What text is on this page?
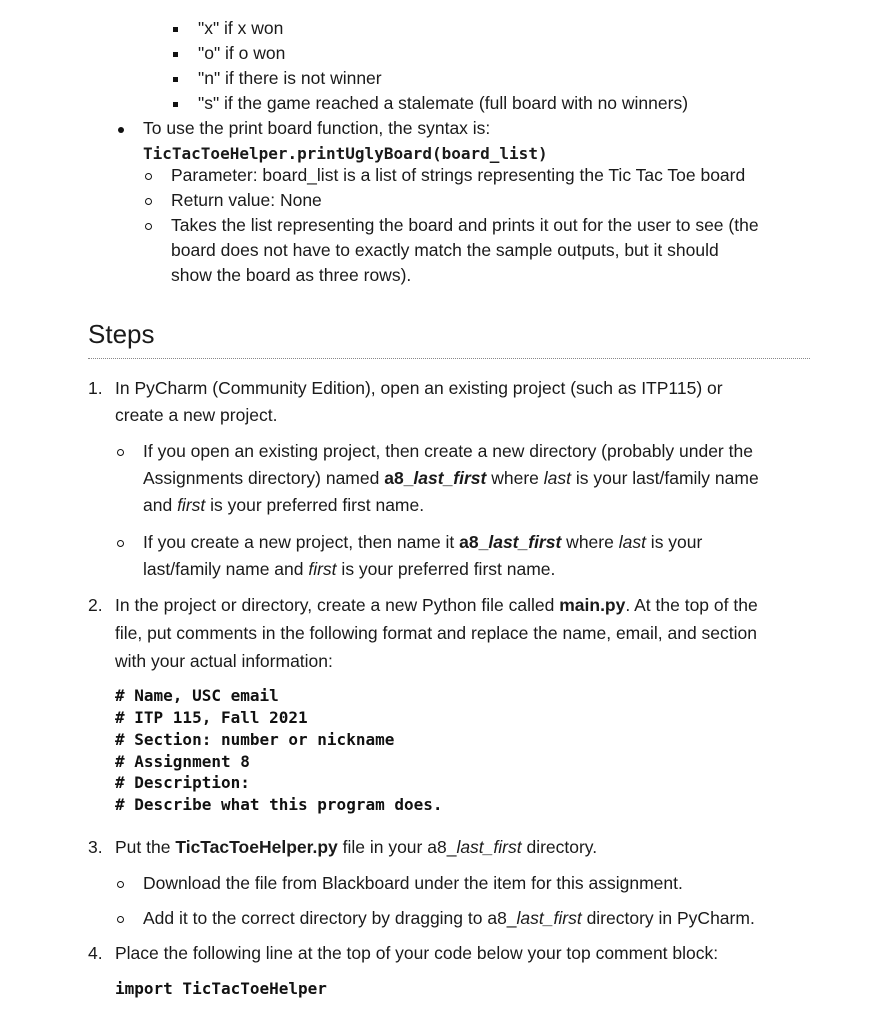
"x" if x won
"o" if o won
"n" if there is not winner
"s" if the game reached a stalemate (full board with no winners)
To use the print board function, the syntax is:
TicTacToeHelper.printUglyBoard(board_list)
Parameter: board_list is a list of strings representing the Tic Tac Toe board
Return value: None
Takes the list representing the board and prints it out for the user to see (the
board does not have to exactly match the sample outputs, but it should
show the board as three rows).
Steps
1. In PyCharm (Community Edition), open an existing project (such as ITP115) or
create a new project.
If you open an existing project, then create a new directory (probably under the
Assignments directory) named a8_last_first where last is your last/family name
and first is your preferred first name.
If you create a new project, then name it a8_last_first where last is your
last/family name and first is your preferred first name.
2. In the project or directory, create a new Python file called main.py. At the top of the
file, put comments in the following format and replace the name, email, and section
with your actual information:
# Name, USC email
# ITP 115, Fall 2021
# Section: number or nickname
# Assignment 8
# Description:
# Describe what this program does.
3. Put the TicTacToeHelper.py file in your a8_last_first directory.
Download the file from Blackboard under the item for this assignment.
Add it to the correct directory by dragging to a8_last_first directory in PyCharm.
4. Place the following line at the top of your code below your top comment block:
import TicTacToeHelper
